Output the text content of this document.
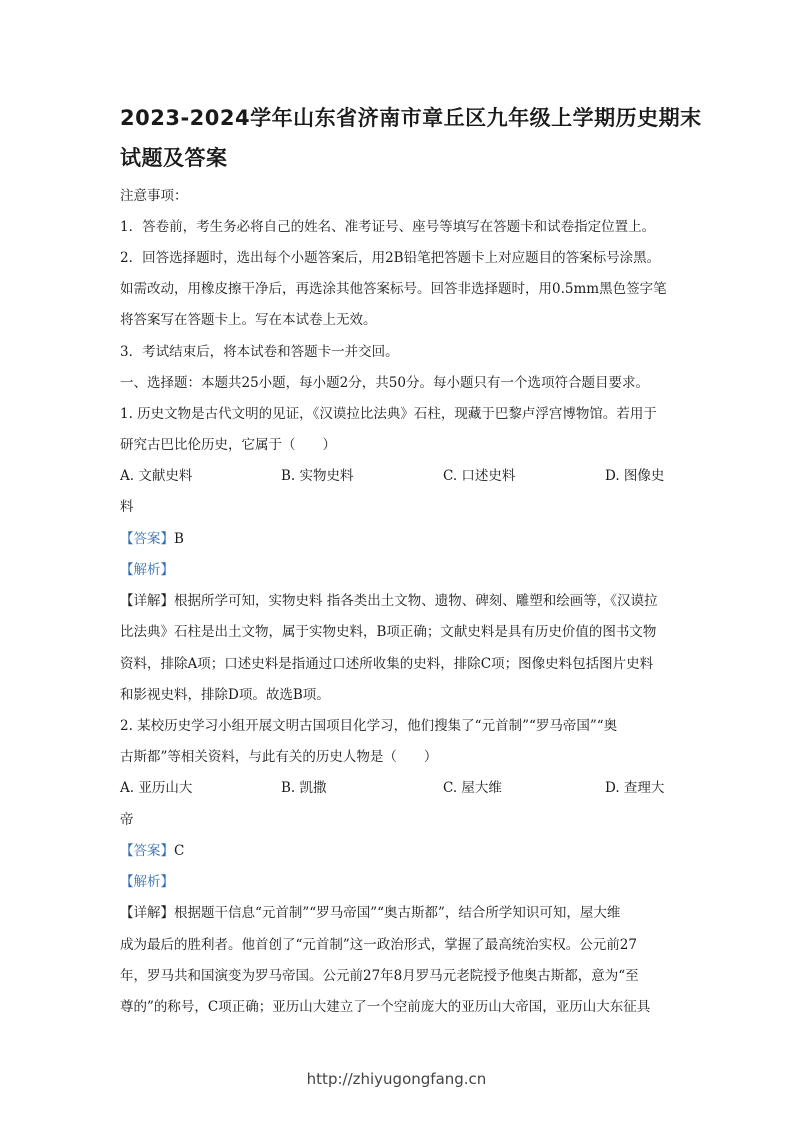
2023-2024学年山东省济南市章丘区九年级上学期历史期末
试题及答案
注意事项：
1．答卷前，考生务必将自己的姓名、准考证号、座号等填写在答题卡和试卷指定位置上。
2．回答选择题时，选出每个小题答案后，用2B铅笔把答题卡上对应题目的答案标号涂黑。
如需改动，用橡皮擦干净后，再选涂其他答案标号。回答非选择题时，用0.5mm黑色签字笔
将答案写在答题卡上。写在本试卷上无效。
3．考试结束后，将本试卷和答题卡一并交回。
一、选择题：本题共25小题，每小题2分，共50分。每小题只有一个选项符合题目要求。
1. 历史文物是古代文明的见证，《汉谟拉比法典》石柱，现藏于巴黎卢浮宫博物馆。若用于
研究古巴比伦历史，它属于（　　）
A. 文献史料	B. 实物史料	C. 口述史料	D. 图像史
料
【答案】B
【解析】
【详解】根据所学可知，实物史料 指各类出土文物、遗物、碑刻、雕塑和绘画等，《汉谟拉
比法典》石柱是出土文物，属于实物史料，B项正确；文献史料是具有历史价值的图书文物
资料，排除A项；口述史料是指通过口述所收集的史料，排除C项；图像史料包括图片史料
和影视史料，排除D项。故选B项。
2. 某校历史学习小组开展文明古国项目化学习，他们搜集了“元首制”“罗马帝国”“奥
古斯都”等相关资料，与此有关的历史人物是（　　）
A. 亚历山大	B. 凯撒	C. 屋大维	D. 查理大
帝
【答案】C
【解析】
【详解】根据题干信息“元首制”“罗马帝国”“奥古斯都”，结合所学知识可知，屋大维
成为最后的胜利者。他首创了“元首制”这一政治形式，掌握了最高统治实权。公元前27
年，罗马共和国演变为罗马帝国。公元前27年8月罗马元老院授予他奥古斯都，意为“至
尊的”的称号，C项正确；亚历山大建立了一个空前庞大的亚历山大帝国，亚历山大东征具
http://zhiyugongfang.cn
